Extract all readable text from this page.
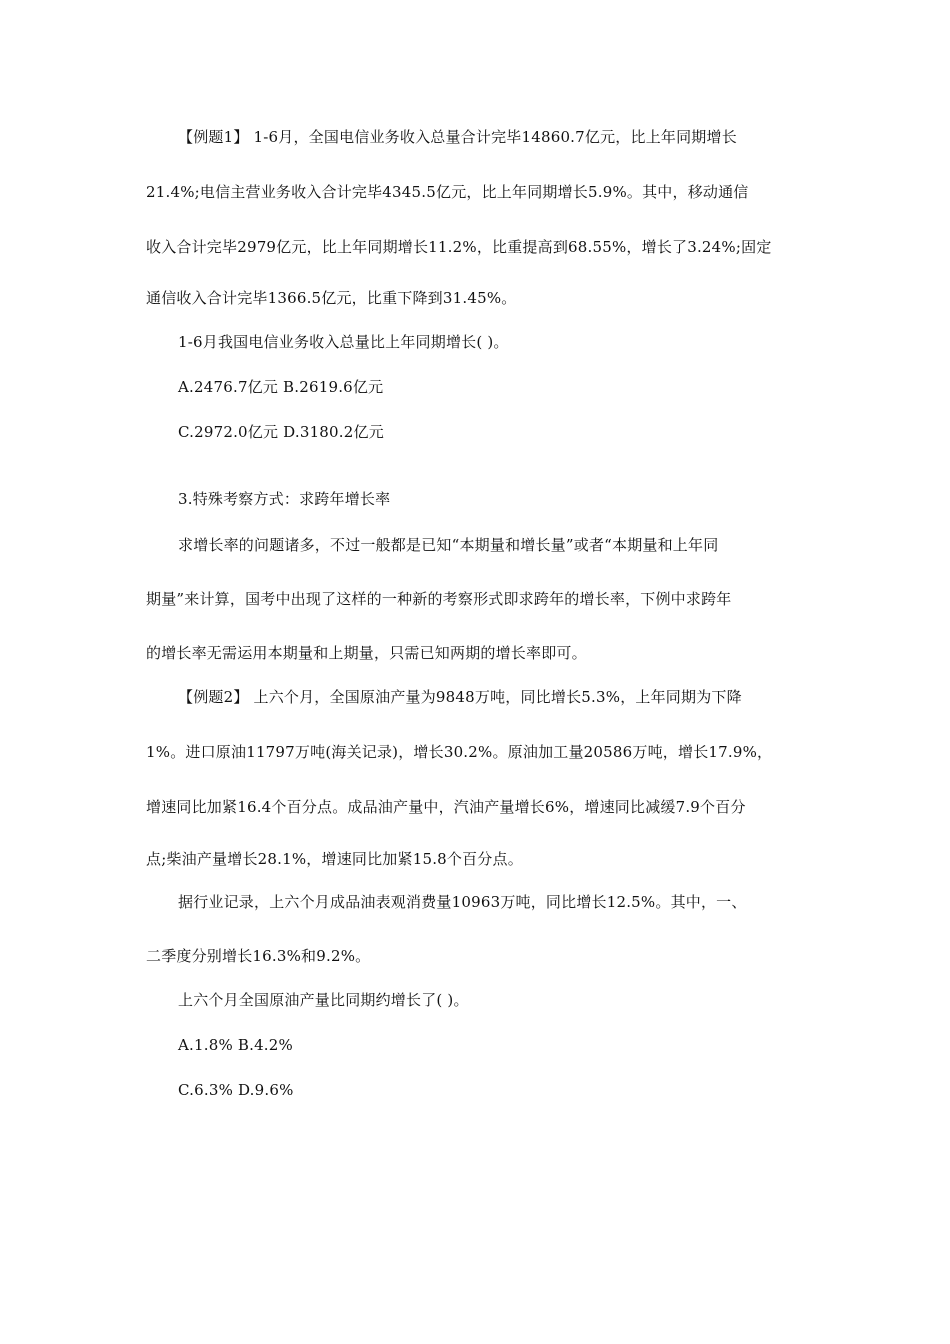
【例题1】 1-6月，全国电信业务收入总量合计完毕14860.7亿元，比上年同期增长
21.4%;电信主营业务收入合计完毕4345.5亿元，比上年同期增长5.9%。其中，移动通信
收入合计完毕2979亿元，比上年同期增长11.2%，比重提高到68.55%，增长了3.24%;固定
通信收入合计完毕1366.5亿元，比重下降到31.45%。
1-6月我国电信业务收入总量比上年同期增长( )。
A.2476.7亿元 B.2619.6亿元
C.2972.0亿元 D.3180.2亿元
3.特殊考察方式：求跨年增长率
求增长率的问题诸多，不过一般都是已知“本期量和增长量”或者“本期量和上年同
期量”来计算，国考中出现了这样的一种新的考察形式即求跨年的增长率，下例中求跨年
的增长率无需运用本期量和上期量，只需已知两期的增长率即可。
【例题2】 上六个月，全国原油产量为9848万吨，同比增长5.3%，上年同期为下降
1%。进口原油11797万吨(海关记录)，增长30.2%。原油加工量20586万吨，增长17.9%，
增速同比加紧16.4个百分点。成品油产量中，汽油产量增长6%，增速同比减缓7.9个百分
点;柴油产量增长28.1%，增速同比加紧15.8个百分点。
据行业记录，上六个月成品油表观消费量10963万吨，同比增长12.5%。其中，一、
二季度分别增长16.3%和9.2%。
上六个月全国原油产量比同期约增长了( )。
A.1.8% B.4.2%
C.6.3% D.9.6%
